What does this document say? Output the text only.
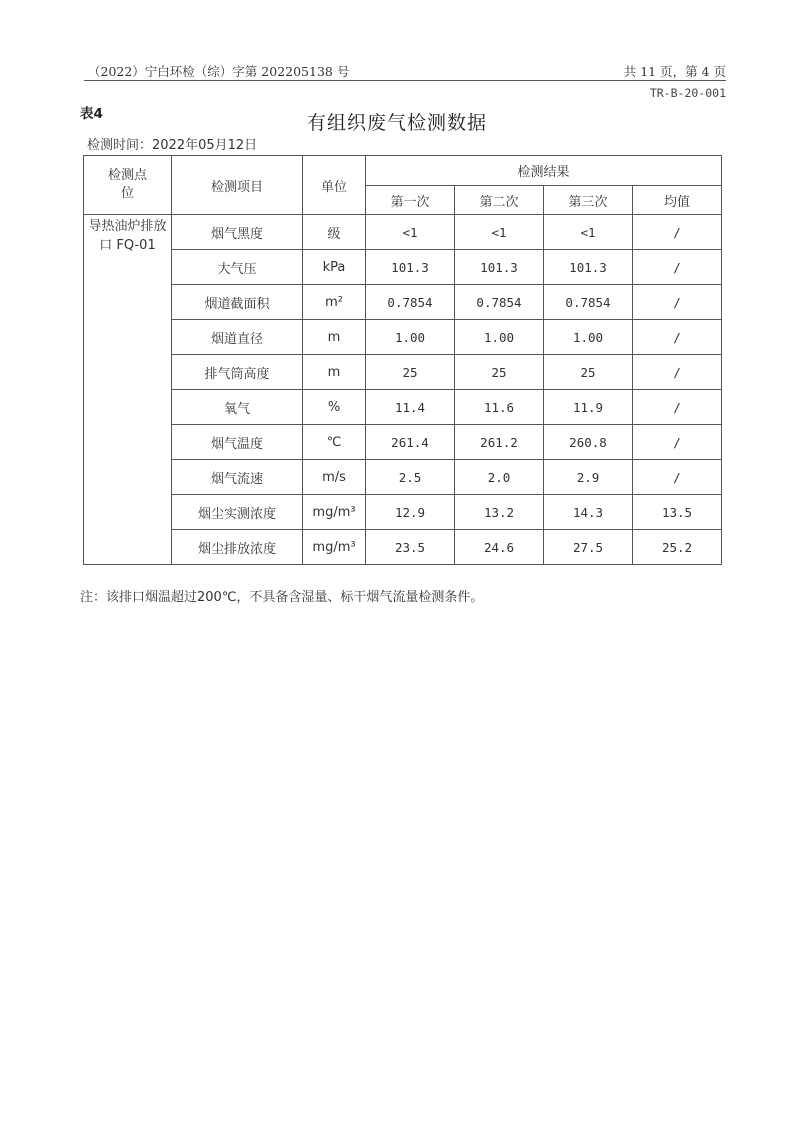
（2022）宁白环检（综）字第 202205138 号	共 11 页，第 4 页
TR-B-20-001
表4	有组织废气检测数据
检测时间：2022年05月12日
检测点位	检测项目	单位	检测结果			
			第一次	第二次	第三次	均值
导热油炉排放口 FQ-01	烟气黑度	级	<1	<1	<1	/
	大气压	kPa	101.3	101.3	101.3	/
	烟道截面积	m²	0.7854	0.7854	0.7854	/
	烟道直径	m	1.00	1.00	1.00	/
	排气筒高度	m	25	25	25	/
	氧气	%	11.4	11.6	11.9	/
	烟气温度	℃	261.4	261.2	260.8	/
	烟气流速	m/s	2.5	2.0	2.9	/
	烟尘实测浓度	mg/m³	12.9	13.2	14.3	13.5
	烟尘排放浓度	mg/m³	23.5	24.6	27.5	25.2
注：该排口烟温超过200℃，不具备含湿量、标干烟气流量检测条件。
